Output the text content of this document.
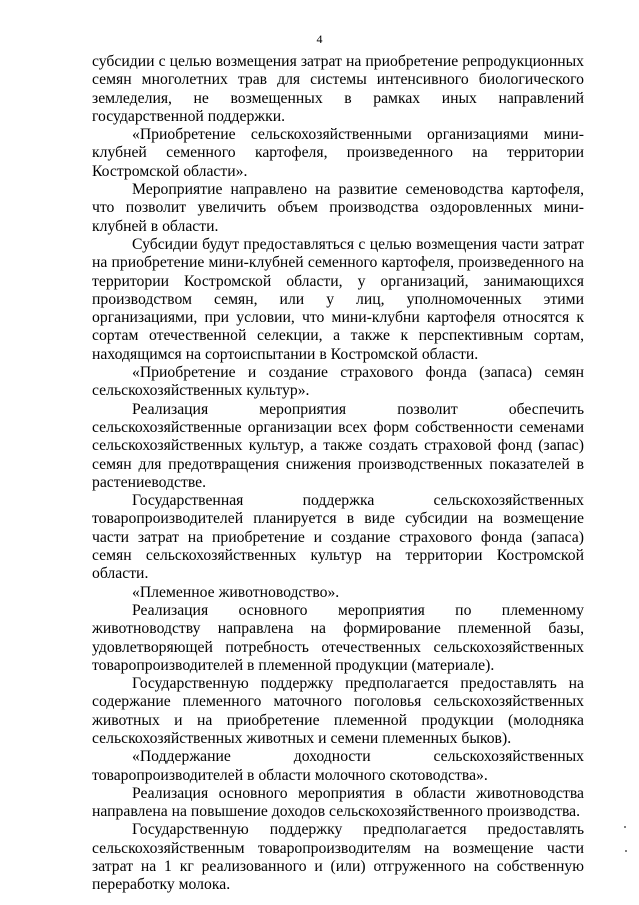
4

субсидии с целью возмещения затрат на приобретение репродукционных семян многолетних трав для системы интенсивного биологического земледелия, не возмещенных в рамках иных направлений государственной поддержки.

«Приобретение сельскохозяйственными организациями мини-клубней семенного картофеля, произведенного на территории Костромской области».

Мероприятие направлено на развитие семеноводства картофеля, что позволит увеличить объем производства оздоровленных мини-клубней в области.

Субсидии будут предоставляться с целью возмещения части затрат на приобретение мини-клубней семенного картофеля, произведенного на территории Костромской области, у организаций, занимающихся производством семян, или у лиц, уполномоченных этими организациями, при условии, что мини-клубни картофеля относятся к сортам отечественной селекции, а также к перспективным сортам, находящимся на сортоиспытании в Костромской области.

«Приобретение и создание страхового фонда (запаса) семян сельскохозяйственных культур».

Реализация мероприятия позволит обеспечить сельскохозяйственные организации всех форм собственности семенами сельскохозяйственных культур, а также создать страховой фонд (запас) семян для предотвращения снижения производственных показателей в растениеводстве.

Государственная поддержка сельскохозяйственных товаропроизводителей планируется в виде субсидии на возмещение части затрат на приобретение и создание страхового фонда (запаса) семян сельскохозяйственных культур на территории Костромской области.

«Племенное животноводство».

Реализация основного мероприятия по племенному животноводству направлена на формирование племенной базы, удовлетворяющей потребность отечественных сельскохозяйственных товаропроизводителей в племенной продукции (материале).

Государственную поддержку предполагается предоставлять на содержание племенного маточного поголовья сельскохозяйственных животных и на приобретение племенной продукции (молодняка сельскохозяйственных животных и семени племенных быков).

«Поддержание доходности сельскохозяйственных товаропроизводителей в области молочного скотоводства».

Реализация основного мероприятия в области животноводства направлена на повышение доходов сельскохозяйственного производства.

Государственную поддержку предполагается предоставлять сельскохозяйственным товаропроизводителям на возмещение части затрат на 1 кг реализованного и (или) отгруженного на собственную переработку молока.
